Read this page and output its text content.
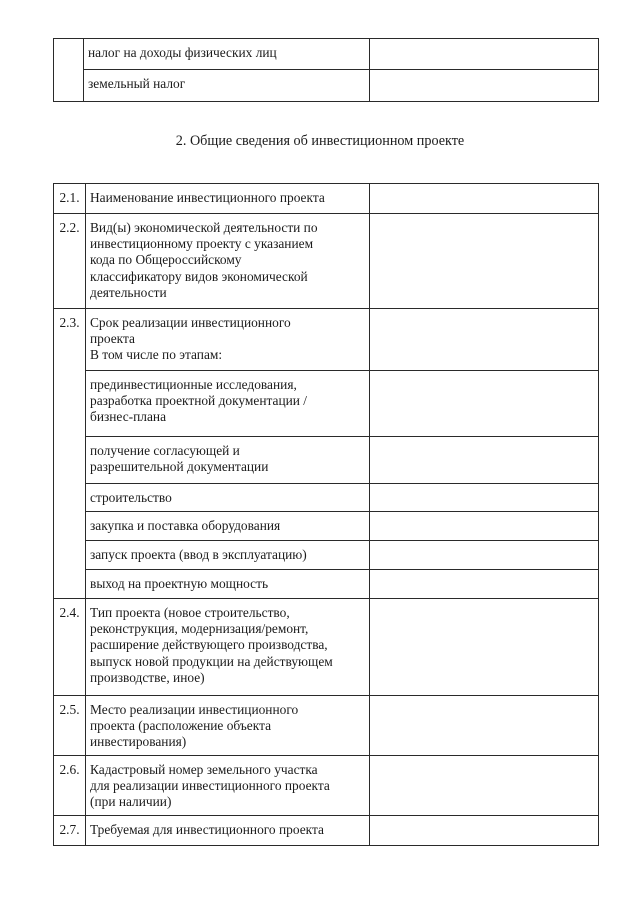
	налог на доходы физических лиц	
	земельный налог	
2. Общие сведения об инвестиционном проекте
2.1.	Наименование инвестиционного проекта	

2.2.	Вид(ы) экономической деятельности по
инвестиционному проекту с указанием
кода по Общероссийскому
классификатору видов экономической
деятельности	

2.3.	Срок реализации инвестиционного
проекта
В том числе по этапам:	

	прединвестиционные исследования,
разработка проектной документации /
бизнес-плана	

	получение согласующей и
разрешительной документации	

	строительство	

	закупка и поставка оборудования	

	запуск проекта (ввод в эксплуатацию)	

	выход на проектную мощность	

2.4.	Тип проекта (новое строительство,
реконструкция, модернизация/ремонт,
расширение действующего производства,
выпуск новой продукции на действующем
производстве, иное)	

2.5.	Место реализации инвестиционного
проекта (расположение объекта
инвестирования)	

2.6.	Кадастровый номер земельного участка
для реализации инвестиционного проекта
(при наличии)	

2.7.	Требуемая для инвестиционного проекта	
